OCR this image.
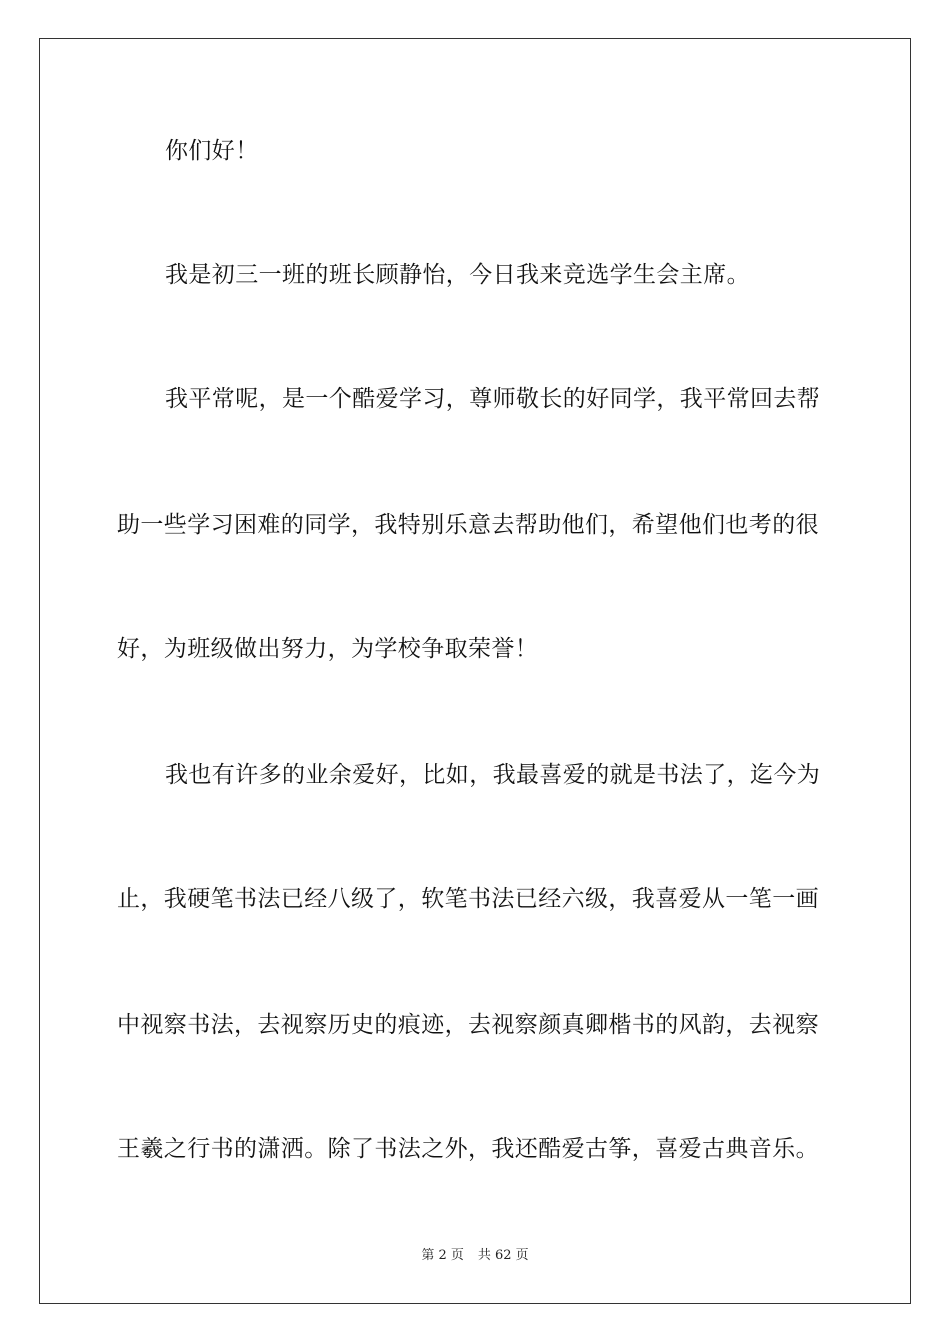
你们好！
我是初三一班的班长顾静怡，今日我来竞选学生会主席。
我平常呢，是一个酷爱学习，尊师敬长的好同学，我平常回去帮
助一些学习困难的同学，我特别乐意去帮助他们，希望他们也考的很
好，为班级做出努力，为学校争取荣誉！
我也有许多的业余爱好，比如，我最喜爱的就是书法了，迄今为
止，我硬笔书法已经八级了，软笔书法已经六级，我喜爱从一笔一画
中视察书法，去视察历史的痕迹，去视察颜真卿楷书的风韵，去视察
王羲之行书的潇洒。除了书法之外，我还酷爱古筝，喜爱古典音乐。
第 2 页 共 62 页
